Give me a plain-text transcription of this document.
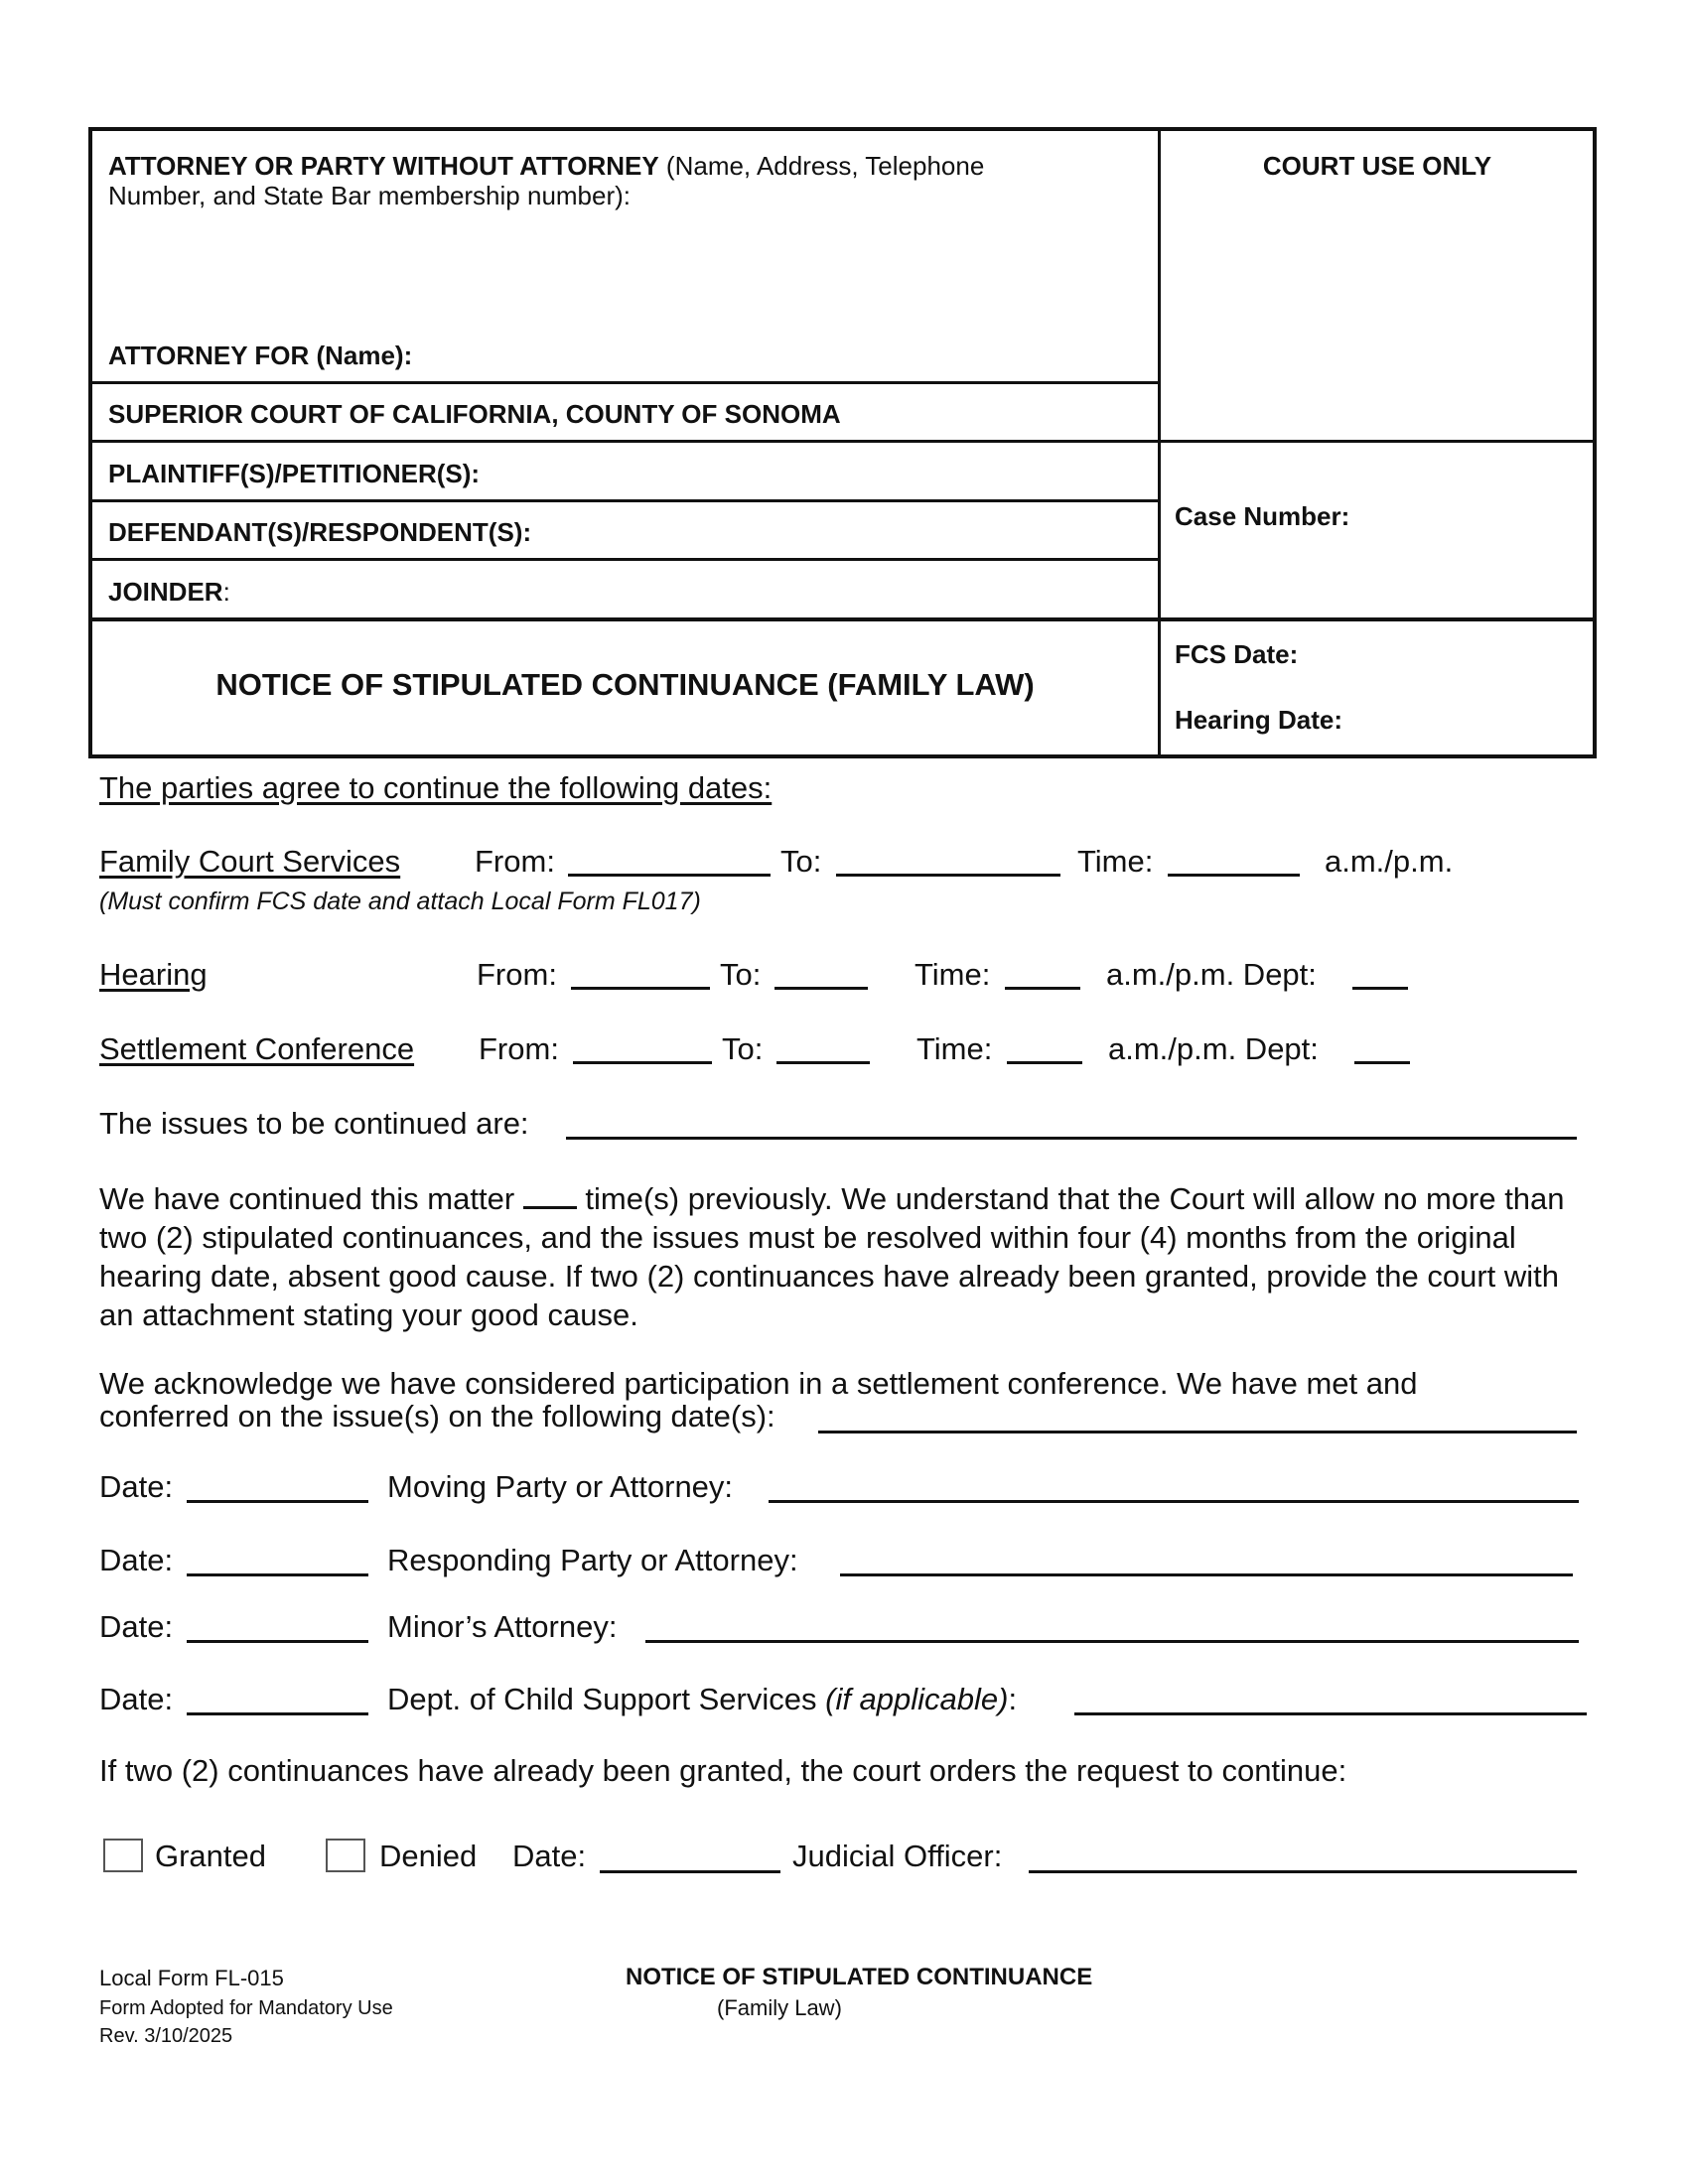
ATTORNEY OR PARTY WITHOUT ATTORNEY (Name, Address, Telephone
Number, and State Bar membership number):
COURT USE ONLY
ATTORNEY FOR (Name):
SUPERIOR COURT OF CALIFORNIA, COUNTY OF SONOMA
PLAINTIFF(S)/PETITIONER(S):
DEFENDANT(S)/RESPONDENT(S):
JOINDER:
Case Number:
NOTICE OF STIPULATED CONTINUANCE (FAMILY LAW)
FCS Date:
Hearing Date:
The parties agree to continue the following dates:
Family Court Services From:	To:	Time:	a.m./p.m.
(Must confirm FCS date and attach Local Form FL017)
Hearing	From:	To:	Time:	a.m./p.m. Dept:
Settlement Conference From:	To:	Time:	a.m./p.m. Dept:
The issues to be continued are:
We have continued this matter time(s) previously. We understand that the Court will allow no more than two (2) stipulated continuances, and the issues must be resolved within four (4) months from the original hearing date, absent good cause. If two (2) continuances have already been granted, provide the court with an attachment stating your good cause.
We acknowledge we have considered participation in a settlement conference. We have met and
conferred on the issue(s) on the following date(s):
Date:	Moving Party or Attorney:
Date:	Responding Party or Attorney:
Date:	Minor’s Attorney:
Date:	Dept. of Child Support Services (if applicable):
If two (2) continuances have already been granted, the court orders the request to continue:
Granted	Denied Date:	Judicial Officer:
Local Form FL-015
Form Adopted for Mandatory Use
Rev. 3/10/2025
NOTICE OF STIPULATED CONTINUANCE
(Family Law)
